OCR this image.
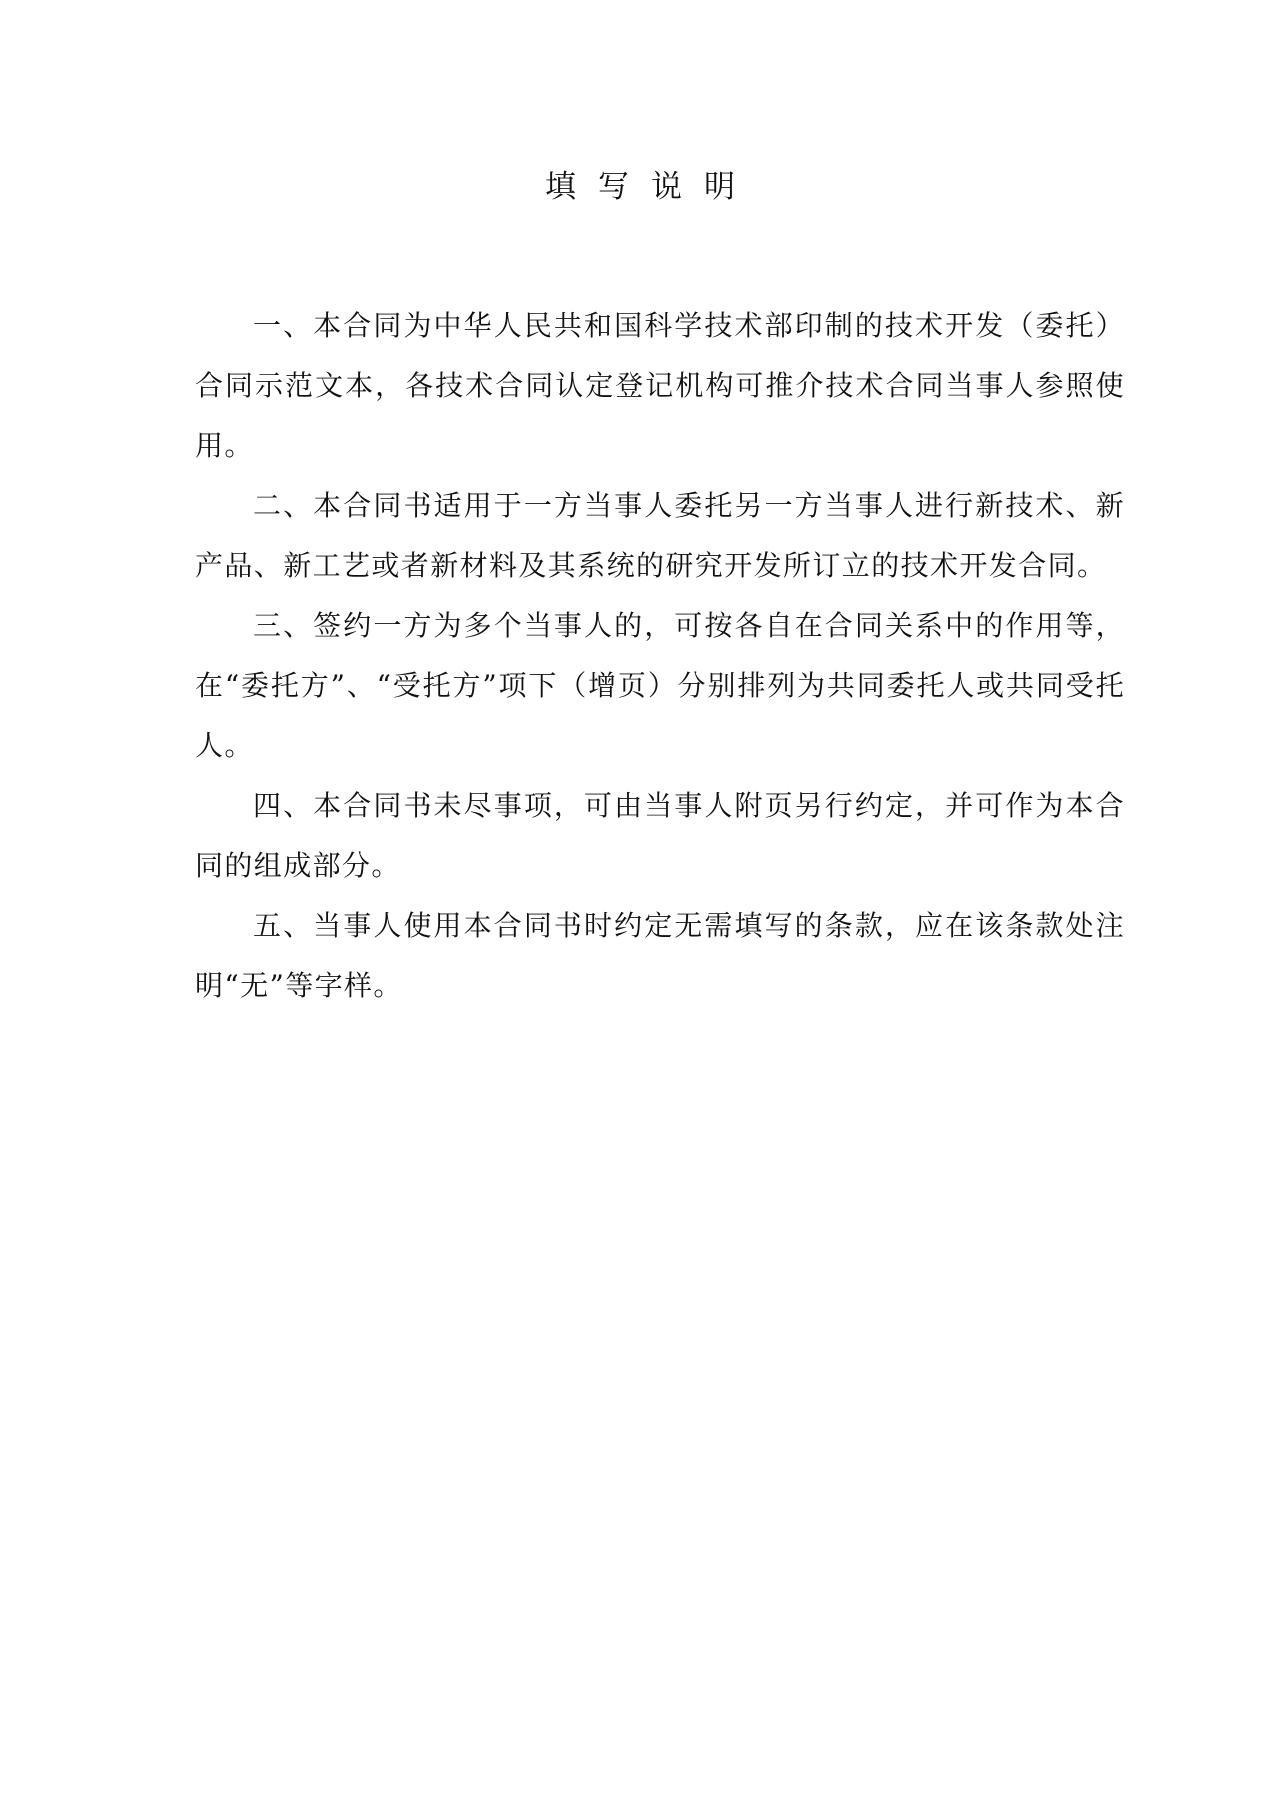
填写说明

一、本合同为中华人民共和国科学技术部印制的技术开发（委托）合同示范文本，各技术合同认定登记机构可推介技术合同当事人参照使用。

二、本合同书适用于一方当事人委托另一方当事人进行新技术、新产品、新工艺或者新材料及其系统的研究开发所订立的技术开发合同。

三、签约一方为多个当事人的，可按各自在合同关系中的作用等，在“委托方”、“受托方”项下（增页）分别排列为共同委托人或共同受托人。

四、本合同书未尽事项，可由当事人附页另行约定，并可作为本合同的组成部分。

五、当事人使用本合同书时约定无需填写的条款，应在该条款处注明“无”等字样。
